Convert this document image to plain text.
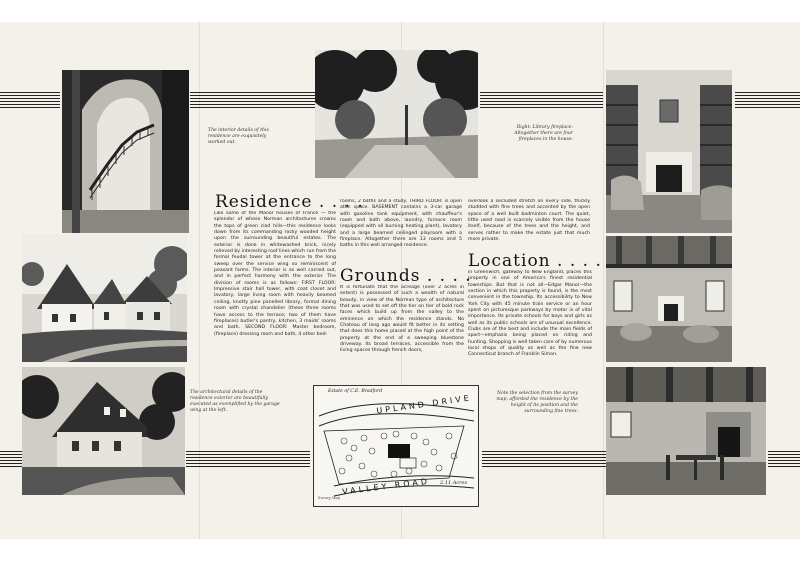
The interior details of this residence are exquisitely worked out.
Right: Library fireplace. Altogether there are four fireplaces in the house.
The architectural details of the residence exterior are beautifully executed as exemplified by the garage wing at the left.
Note the selection from the survey map, afforded the residence by the height of its position and the surrounding fine trees.
Residence . . . .
Like some of the Manor houses of France — the splendor of whose Norman architectures crowns the tops of green clad hills—this residence looks down from its commanding rocky wooded height upon the surrounding beautiful estates. The exterior is done in whitewashed brick, nicely relieved by interesting roof lines which run from the formal feudal tower at the entrance to the long sweep over the service wing so reminiscent of peasant farms. The interior is as well carried out, and in perfect harmony with the exterior. The division of rooms is as follows: FIRST FLOOR: Impressive stair hall tower, with coat closet and lavatory, large living room with heavily beamed ceiling, knotty pine panelled library, formal dining room with crystal chandelier (these three rooms have access to the terrace; two of them have fireplaces) butler's pantry, kitchen, 3 maids' rooms and bath. SECOND FLOOR: Master bedroom, (fireplace) dressing room and bath, 4 other bed-
rooms, 2 baths and a study. THIRD FLOOR: is open attic space. BASEMENT contains a 3-car garage with gasoline tank equipment, with chauffeur's room and bath above, laundry, furnace room (equipped with oil burning heating plant), lavatory and a large beamed ceilinged playroom with a fireplace. Altogether there are 13 rooms and 5 baths in this well arranged residence.
Grounds . . . .
It is fortunate that the acreage (over 2 acres in extent) is possessed of such a wealth of natural beauty, in view of the Norman type of architecture that was used to set off the tier on tier of bold rock faces which build up from the valley to the eminence on which the residence stands. No Chateau of long ago would fit better in its setting that does this home placed at the high point of the property at the end of a sweeping bluestone driveway. Its broad terraces, accessible from the living spaces through french doors,
overlook a secluded stretch on every side, thickly studded with fine trees and accented by the open space of a well built badminton court. The quiet, little used road is scarcely visible from the house itself, because of the trees and the height, and serves rather to make the estate just that much more private.
Location . . . .
in Greenwich, gateway to New England, places this property in one of America's finest residential townships. But that is not all—Edgar Manor—the section in which this property is found, is the most convenient in the township. Its accessibility to New York City with 45 minute train service or an hour spent on picturesque parkways by motor is of vital importance. Its private schools for boys and girls as well as its public schools are of unusual excellence. Clubs are of the best and include the main fields of sport—emphasis being placed on riding and hunting. Shopping is well taken care of by numerous local shops of quality as well as the fine new Connecticut branch of Franklin Simon.
Estate of C.E. Bradford
UPLAND DRIVE
VALLEY ROAD 2.11 Acres
Survey Map
